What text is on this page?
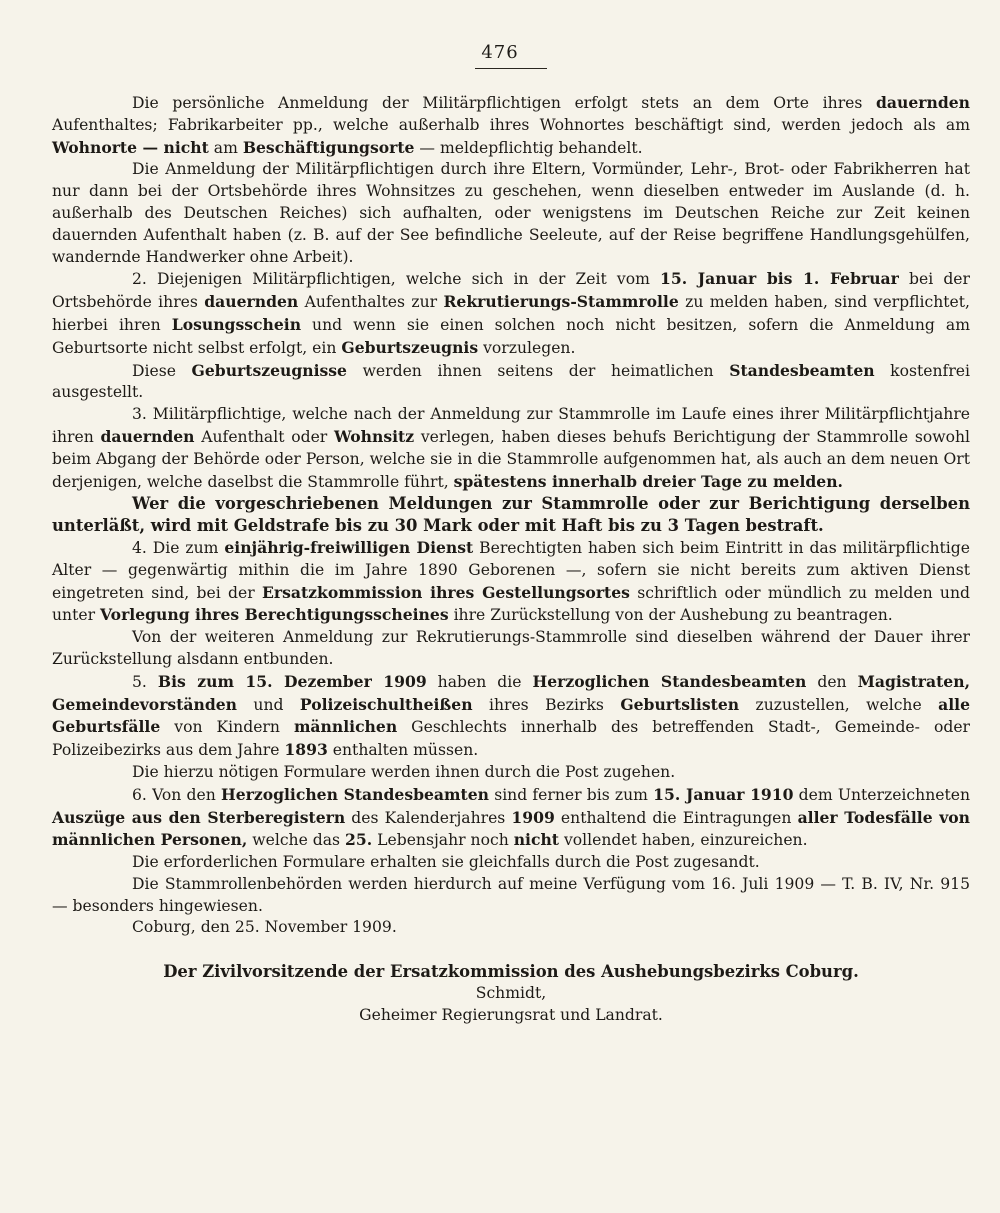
476

Die persönliche Anmeldung der Militärpflichtigen erfolgt stets an dem Orte ihres dauernden Aufenthaltes; Fabrikarbeiter pp., welche außerhalb ihres Wohnortes beschäftigt sind, werden jedoch als am Wohnorte — nicht am Beschäftigungsorte — meldepflichtig behandelt.

Die Anmeldung der Militärpflichtigen durch ihre Eltern, Vormünder, Lehr-, Brot- oder Fabrikherren hat nur dann bei der Ortsbehörde ihres Wohnsitzes zu geschehen, wenn dieselben entweder im Auslande (d. h. außerhalb des Deutschen Reiches) sich aufhalten, oder wenigstens im Deutschen Reiche zur Zeit keinen dauernden Aufenthalt haben (z. B. auf der See befindliche Seeleute, auf der Reise begriffene Handlungsgehülfen, wandernde Handwerker ohne Arbeit).

2. Diejenigen Militärpflichtigen, welche sich in der Zeit vom 15. Januar bis 1. Februar bei der Ortsbehörde ihres dauernden Aufenthaltes zur Rekrutierungs-Stammrolle zu melden haben, sind verpflichtet, hierbei ihren Losungsschein und wenn sie einen solchen noch nicht besitzen, sofern die Anmeldung am Geburtsorte nicht selbst erfolgt, ein Geburtszeugnis vorzulegen.

Diese Geburtszeugnisse werden ihnen seitens der heimatlichen Standesbeamten kostenfrei ausgestellt.

3. Militärpflichtige, welche nach der Anmeldung zur Stammrolle im Laufe eines ihrer Militärpflichtjahre ihren dauernden Aufenthalt oder Wohnsitz verlegen, haben dieses behufs Berichtigung der Stammrolle sowohl beim Abgang der Behörde oder Person, welche sie in die Stammrolle aufgenommen hat, als auch an dem neuen Ort derjenigen, welche daselbst die Stammrolle führt, spätestens innerhalb dreier Tage zu melden.

Wer die vorgeschriebenen Meldungen zur Stammrolle oder zur Berichtigung derselben unterläßt, wird mit Geldstrafe bis zu 30 Mark oder mit Haft bis zu 3 Tagen bestraft.

4. Die zum einjährig-freiwilligen Dienst Berechtigten haben sich beim Eintritt in das militärpflichtige Alter — gegenwärtig mithin die im Jahre 1890 Geborenen —, sofern sie nicht bereits zum aktiven Dienst eingetreten sind, bei der Ersatzkommission ihres Gestellungsortes schriftlich oder mündlich zu melden und unter Vorlegung ihres Berechtigungsscheines ihre Zurückstellung von der Aushebung zu beantragen.

Von der weiteren Anmeldung zur Rekrutierungs-Stammrolle sind dieselben während der Dauer ihrer Zurückstellung alsdann entbunden.

5. Bis zum 15. Dezember 1909 haben die Herzoglichen Standesbeamten den Magistraten, Gemeindevorständen und Polizeischultheißen ihres Bezirks Geburtslisten zuzustellen, welche alle Geburtsfälle von Kindern männlichen Geschlechts innerhalb des betreffenden Stadt-, Gemeinde- oder Polizeibezirks aus dem Jahre 1893 enthalten müssen.

Die hierzu nötigen Formulare werden ihnen durch die Post zugehen.

6. Von den Herzoglichen Standesbeamten sind ferner bis zum 15. Januar 1910 dem Unterzeichneten Auszüge aus den Sterberegistern des Kalenderjahres 1909 enthaltend die Eintragungen aller Todesfälle von männlichen Personen, welche das 25. Lebensjahr noch nicht vollendet haben, einzureichen.

Die erforderlichen Formulare erhalten sie gleichfalls durch die Post zugesandt.

Die Stammrollenbehörden werden hierdurch auf meine Verfügung vom 16. Juli 1909 — T. B. IV, Nr. 915 — besonders hingewiesen.

Coburg, den 25. November 1909.

Der Zivilvorsitzende der Ersatzkommission des Aushebungsbezirks Coburg.

Schmidt,

Geheimer Regierungsrat und Landrat.
